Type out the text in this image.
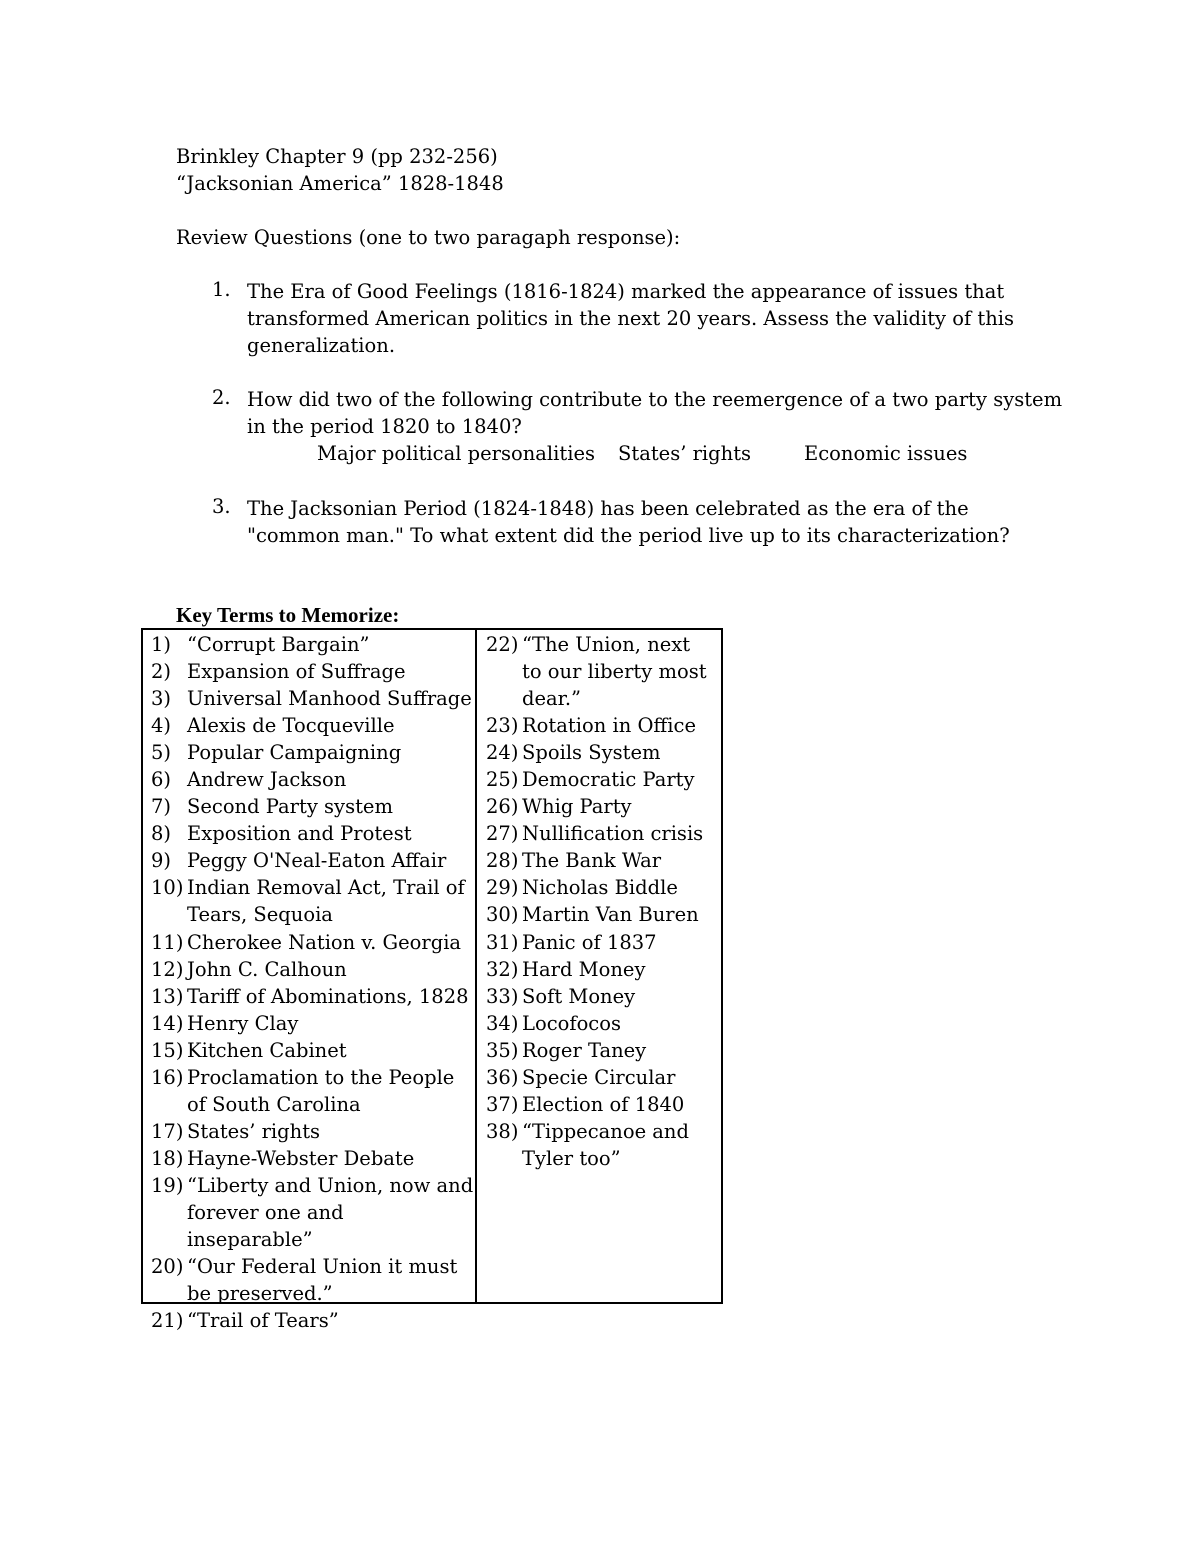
Brinkley Chapter 9 (pp 232-256)
“Jacksonian America” 1828-1848
Review Questions (one to two paragaph response):
1. The Era of Good Feelings (1816-1824) marked the appearance of issues that
transformed American politics in the next 20 years. Assess the validity of this
generalization.
2. How did two of the following contribute to the reemergence of a two party system
in the period 1820 to 1840?
Major political personalities States’ rights	Economic issues
3. The Jacksonian Period (1824-1848) has been celebrated as the era of the
"common man." To what extent did the period live up to its characterization?
Key Terms to Memorize:
1) “Corrupt Bargain”
2) Expansion of Suffrage
3) Universal Manhood Suffrage
4) Alexis de Tocqueville
5) Popular Campaigning
6) Andrew Jackson
7) Second Party system
8) Exposition and Protest
9) Peggy O'Neal-Eaton Affair
10) Indian Removal Act, Trail of
Tears, Sequoia
11) Cherokee Nation v. Georgia
12) John C. Calhoun
13) Tariff of Abominations, 1828
14) Henry Clay
15) Kitchen Cabinet
16) Proclamation to the People
of South Carolina
17) States’ rights
18) Hayne-Webster Debate
19) “Liberty and Union, now and
forever one and inseparable”
20) “Our Federal Union it must
be preserved.”
21) “Trail of Tears”
22) “The Union, next
to our liberty most
dear.”
23) Rotation in Office
24) Spoils System
25) Democratic Party
26) Whig Party
27) Nullification crisis
28) The Bank War
29) Nicholas Biddle
30) Martin Van Buren
31) Panic of 1837
32) Hard Money
33) Soft Money
34) Locofocos
35) Roger Taney
36) Specie Circular
37) Election of 1840
38) “Tippecanoe and
Tyler too”
